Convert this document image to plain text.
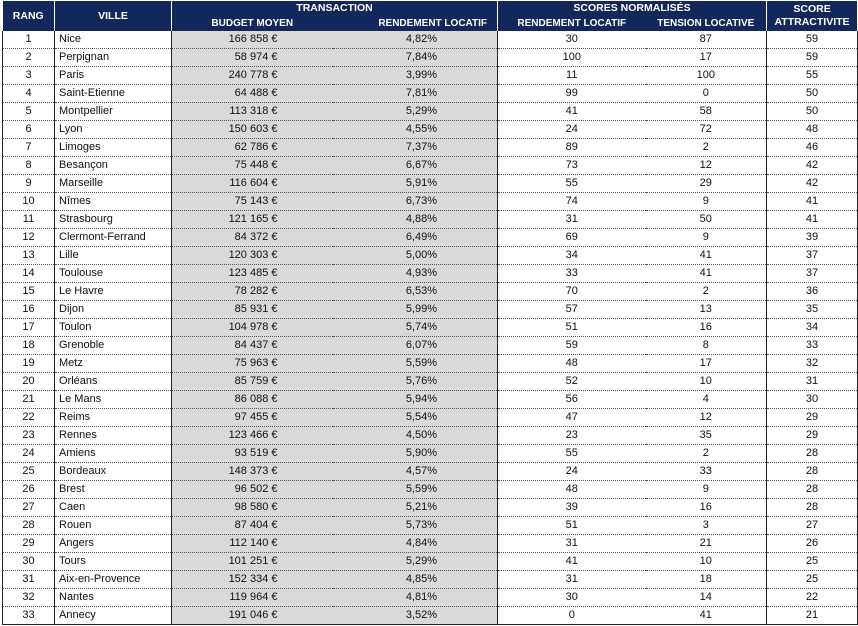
RANG	VILLE	TRANSACTION		SCORES NORMALISÉS		SCORE
ATTRACTIVITE
		BUDGET MOYEN	RENDEMENT LOCATIF	RENDEMENT LOCATIF	TENSION LOCATIVE	
1	Nice	166 858 €	4,82%	30	87	59
2	Perpignan	58 974 €	7,84%	100	17	59
3	Paris	240 778 €	3,99%	11	100	55
4	Saint-Etienne	64 488 €	7,81%	99	0	50
5	Montpellier	113 318 €	5,29%	41	58	50
6	Lyon	150 603 €	4,55%	24	72	48
7	Limoges	62 786 €	7,37%	89	2	46
8	Besançon	75 448 €	6,67%	73	12	42
9	Marseille	116 604 €	5,91%	55	29	42
10	Nîmes	75 143 €	6,73%	74	9	41
11	Strasbourg	121 165 €	4,88%	31	50	41
12	Clermont-Ferrand	84 372 €	6,49%	69	9	39
13	Lille	120 303 €	5,00%	34	41	37
14	Toulouse	123 485 €	4,93%	33	41	37
15	Le Havre	78 282 €	6,53%	70	2	36
16	Dijon	85 931 €	5,99%	57	13	35
17	Toulon	104 978 €	5,74%	51	16	34
18	Grenoble	84 437 €	6,07%	59	8	33
19	Metz	75 963 €	5,59%	48	17	32
20	Orléans	85 759 €	5,76%	52	10	31
21	Le Mans	86 088 €	5,94%	56	4	30
22	Reims	97 455 €	5,54%	47	12	29
23	Rennes	123 466 €	4,50%	23	35	29
24	Amiens	93 519 €	5,90%	55	2	28
25	Bordeaux	148 373 €	4,57%	24	33	28
26	Brest	96 502 €	5,59%	48	9	28
27	Caen	98 580 €	5,21%	39	16	28
28	Rouen	87 404 €	5,73%	51	3	27
29	Angers	112 140 €	4,84%	31	21	26
30	Tours	101 251 €	5,29%	41	10	25
31	Aix-en-Provence	152 334 €	4,85%	31	18	25
32	Nantes	119 964 €	4,81%	30	14	22
33	Annecy	191 046 €	3,52%	0	41	21
